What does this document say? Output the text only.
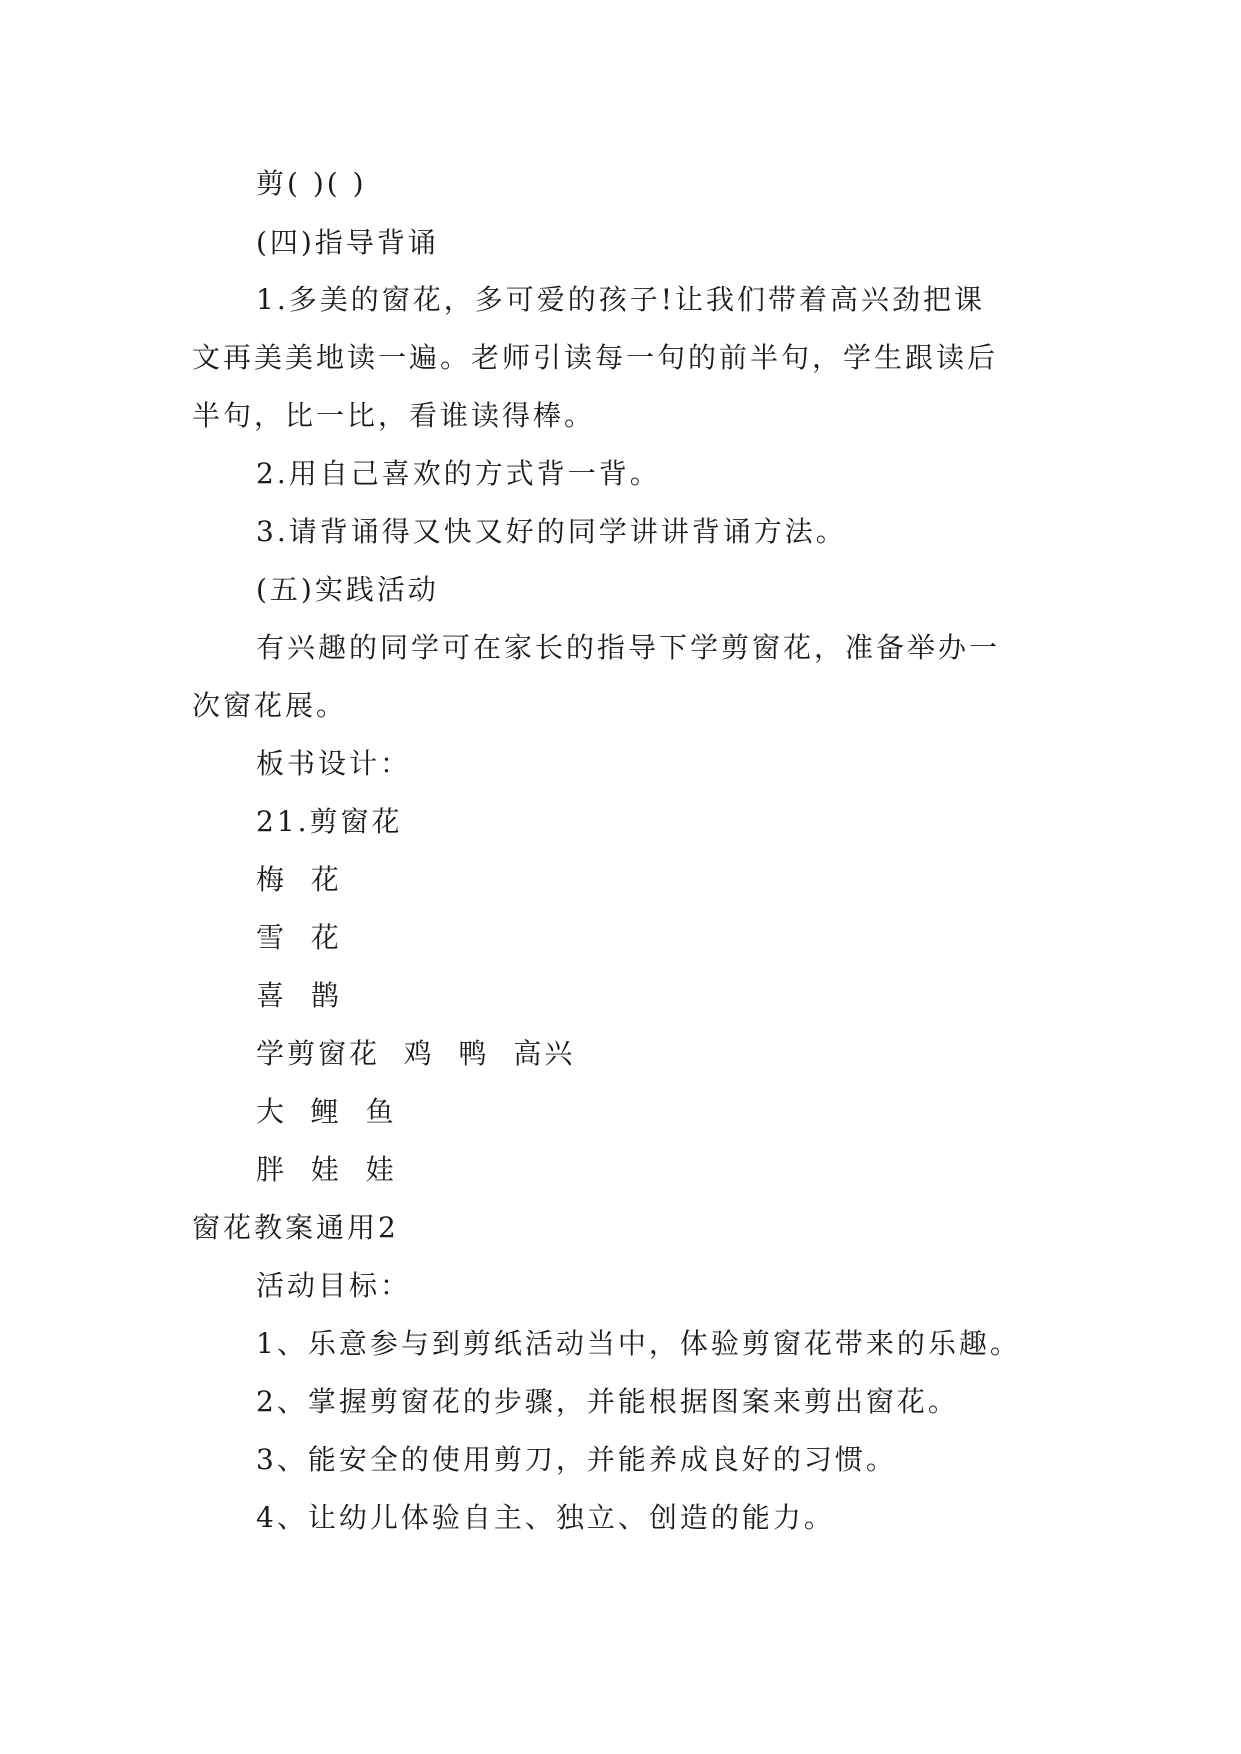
剪( )( )
(四)指导背诵
1.多美的窗花，多可爱的孩子!让我们带着高兴劲把课
文再美美地读一遍。老师引读每一句的前半句，学生跟读后
半句，比一比，看谁读得棒。
2.用自己喜欢的方式背一背。
3.请背诵得又快又好的同学讲讲背诵方法。
(五)实践活动
有兴趣的同学可在家长的指导下学剪窗花，准备举办一
次窗花展。
板书设计：
21.剪窗花
梅  花
雪  花
喜  鹊
学剪窗花  鸡  鸭  高兴
大  鲤  鱼
胖  娃  娃
窗花教案通用2
活动目标：
1、乐意参与到剪纸活动当中，体验剪窗花带来的乐趣。
2、掌握剪窗花的步骤，并能根据图案来剪出窗花。
3、能安全的使用剪刀，并能养成良好的习惯。
4、让幼儿体验自主、独立、创造的能力。
